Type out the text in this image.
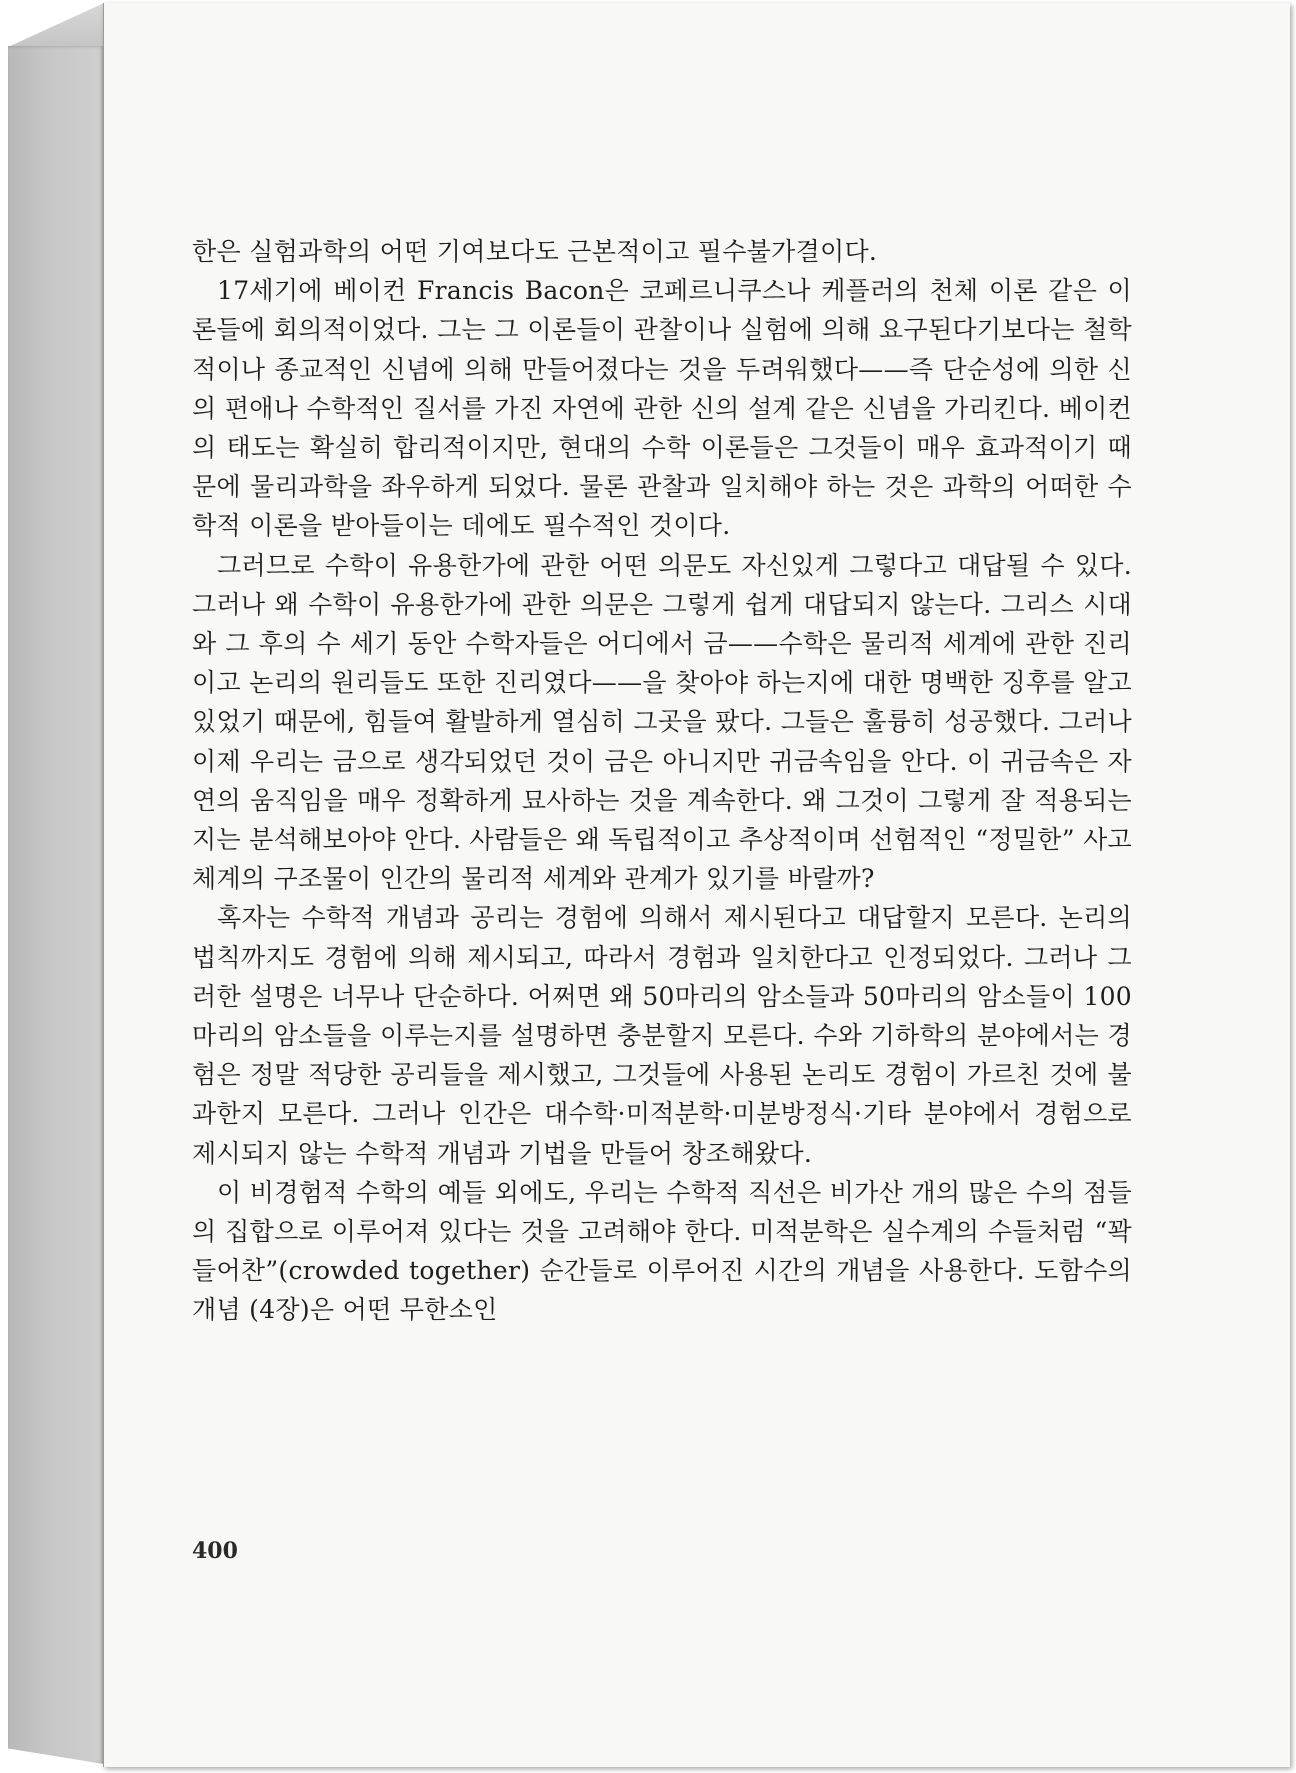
한은 실험과학의 어떤 기여보다도 근본적이고 필수불가결이다.

17세기에 베이컨 Francis Bacon은 코페르니쿠스나 케플러의 천체 이론 같은 이론들에 회의적이었다. 그는 그 이론들이 관찰이나 실험에 의해 요구된다기보다는 철학적이나 종교적인 신념에 의해 만들어졌다는 것을 두려워했다——즉 단순성에 의한 신의 편애나 수학적인 질서를 가진 자연에 관한 신의 설계 같은 신념을 가리킨다. 베이컨의 태도는 확실히 합리적이지만, 현대의 수학 이론들은 그것들이 매우 효과적이기 때문에 물리과학을 좌우하게 되었다. 물론 관찰과 일치해야 하는 것은 과학의 어떠한 수학적 이론을 받아들이는 데에도 필수적인 것이다.

그러므로 수학이 유용한가에 관한 어떤 의문도 자신있게 그렇다고 대답될 수 있다. 그러나 왜 수학이 유용한가에 관한 의문은 그렇게 쉽게 대답되지 않는다. 그리스 시대와 그 후의 수 세기 동안 수학자들은 어디에서 금——수학은 물리적 세계에 관한 진리이고 논리의 원리들도 또한 진리였다——을 찾아야 하는지에 대한 명백한 징후를 알고 있었기 때문에, 힘들여 활발하게 열심히 그곳을 팠다. 그들은 훌륭히 성공했다. 그러나 이제 우리는 금으로 생각되었던 것이 금은 아니지만 귀금속임을 안다. 이 귀금속은 자연의 움직임을 매우 정확하게 묘사하는 것을 계속한다. 왜 그것이 그렇게 잘 적용되는지는 분석해보아야 안다. 사람들은 왜 독립적이고 추상적이며 선험적인 “정밀한” 사고 체계의 구조물이 인간의 물리적 세계와 관계가 있기를 바랄까?

혹자는 수학적 개념과 공리는 경험에 의해서 제시된다고 대답할지 모른다. 논리의 법칙까지도 경험에 의해 제시되고, 따라서 경험과 일치한다고 인정되었다. 그러나 그러한 설명은 너무나 단순하다. 어쩌면 왜 50마리의 암소들과 50마리의 암소들이 100마리의 암소들을 이루는지를 설명하면 충분할지 모른다. 수와 기하학의 분야에서는 경험은 정말 적당한 공리들을 제시했고, 그것들에 사용된 논리도 경험이 가르친 것에 불과한지 모른다. 그러나 인간은 대수학·미적분학·미분방정식·기타 분야에서 경험으로 제시되지 않는 수학적 개념과 기법을 만들어 창조해왔다.

이 비경험적 수학의 예들 외에도, 우리는 수학적 직선은 비가산 개의 많은 수의 점들의 집합으로 이루어져 있다는 것을 고려해야 한다. 미적분학은 실수계의 수들처럼 “꽉 들어찬”(crowded together) 순간들로 이루어진 시간의 개념을 사용한다. 도함수의 개념 (4장)은 어떤 무한소인

400
